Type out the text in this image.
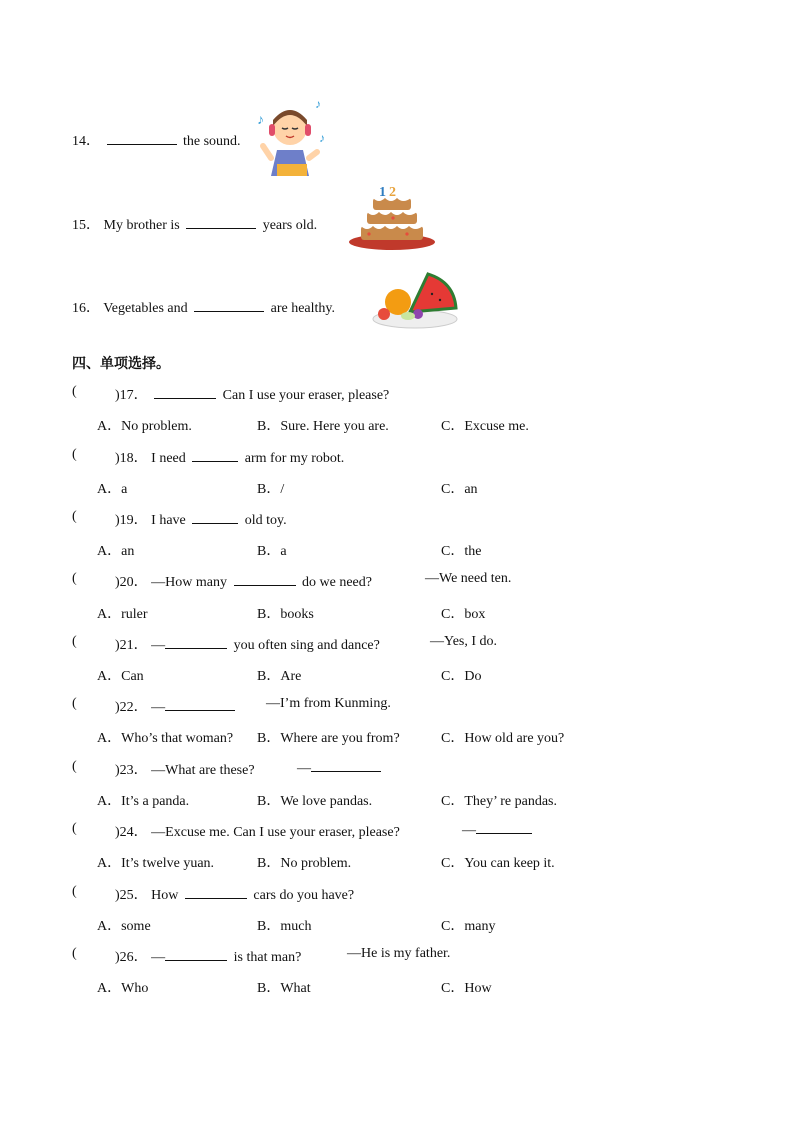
14．	the sound.
♪
♪
♪
15． My brother is	years old.
1 2
16． Vegetables and	are healthy.
四、单项选择。
(	)17．	Can I use your eraser, please?
A．No problem.	B．Sure. Here you are.	C．Excuse me.
(	)18． I need	arm for my robot.
A．a	B．/	C．an
(	)19． I have	old toy.
A．an	B．a	C．the
(	)20． —How many	do we need?	—We need ten.
A．ruler	B．books	C．box
(	)21． —	you often sing and dance?	—Yes, I do.
A．Can	B．Are	C．Do
(	)22． —	—I’m from Kunming.
A．Who’s that woman? B．Where are you from?	C．How old are you?
(	)23． —What are these?	—
A．It’s a panda.	B．We love pandas.	C．They’ re pandas.
(	)24． —Excuse me. Can I use your eraser, please?	—
A．It’s twelve yuan.	B．No problem.	C．You can keep it.
(	)25． How	cars do you have?
A．some	B．much	C．many
(	)26． —	is that man?	—He is my father.
A．Who	B．What	C．How
